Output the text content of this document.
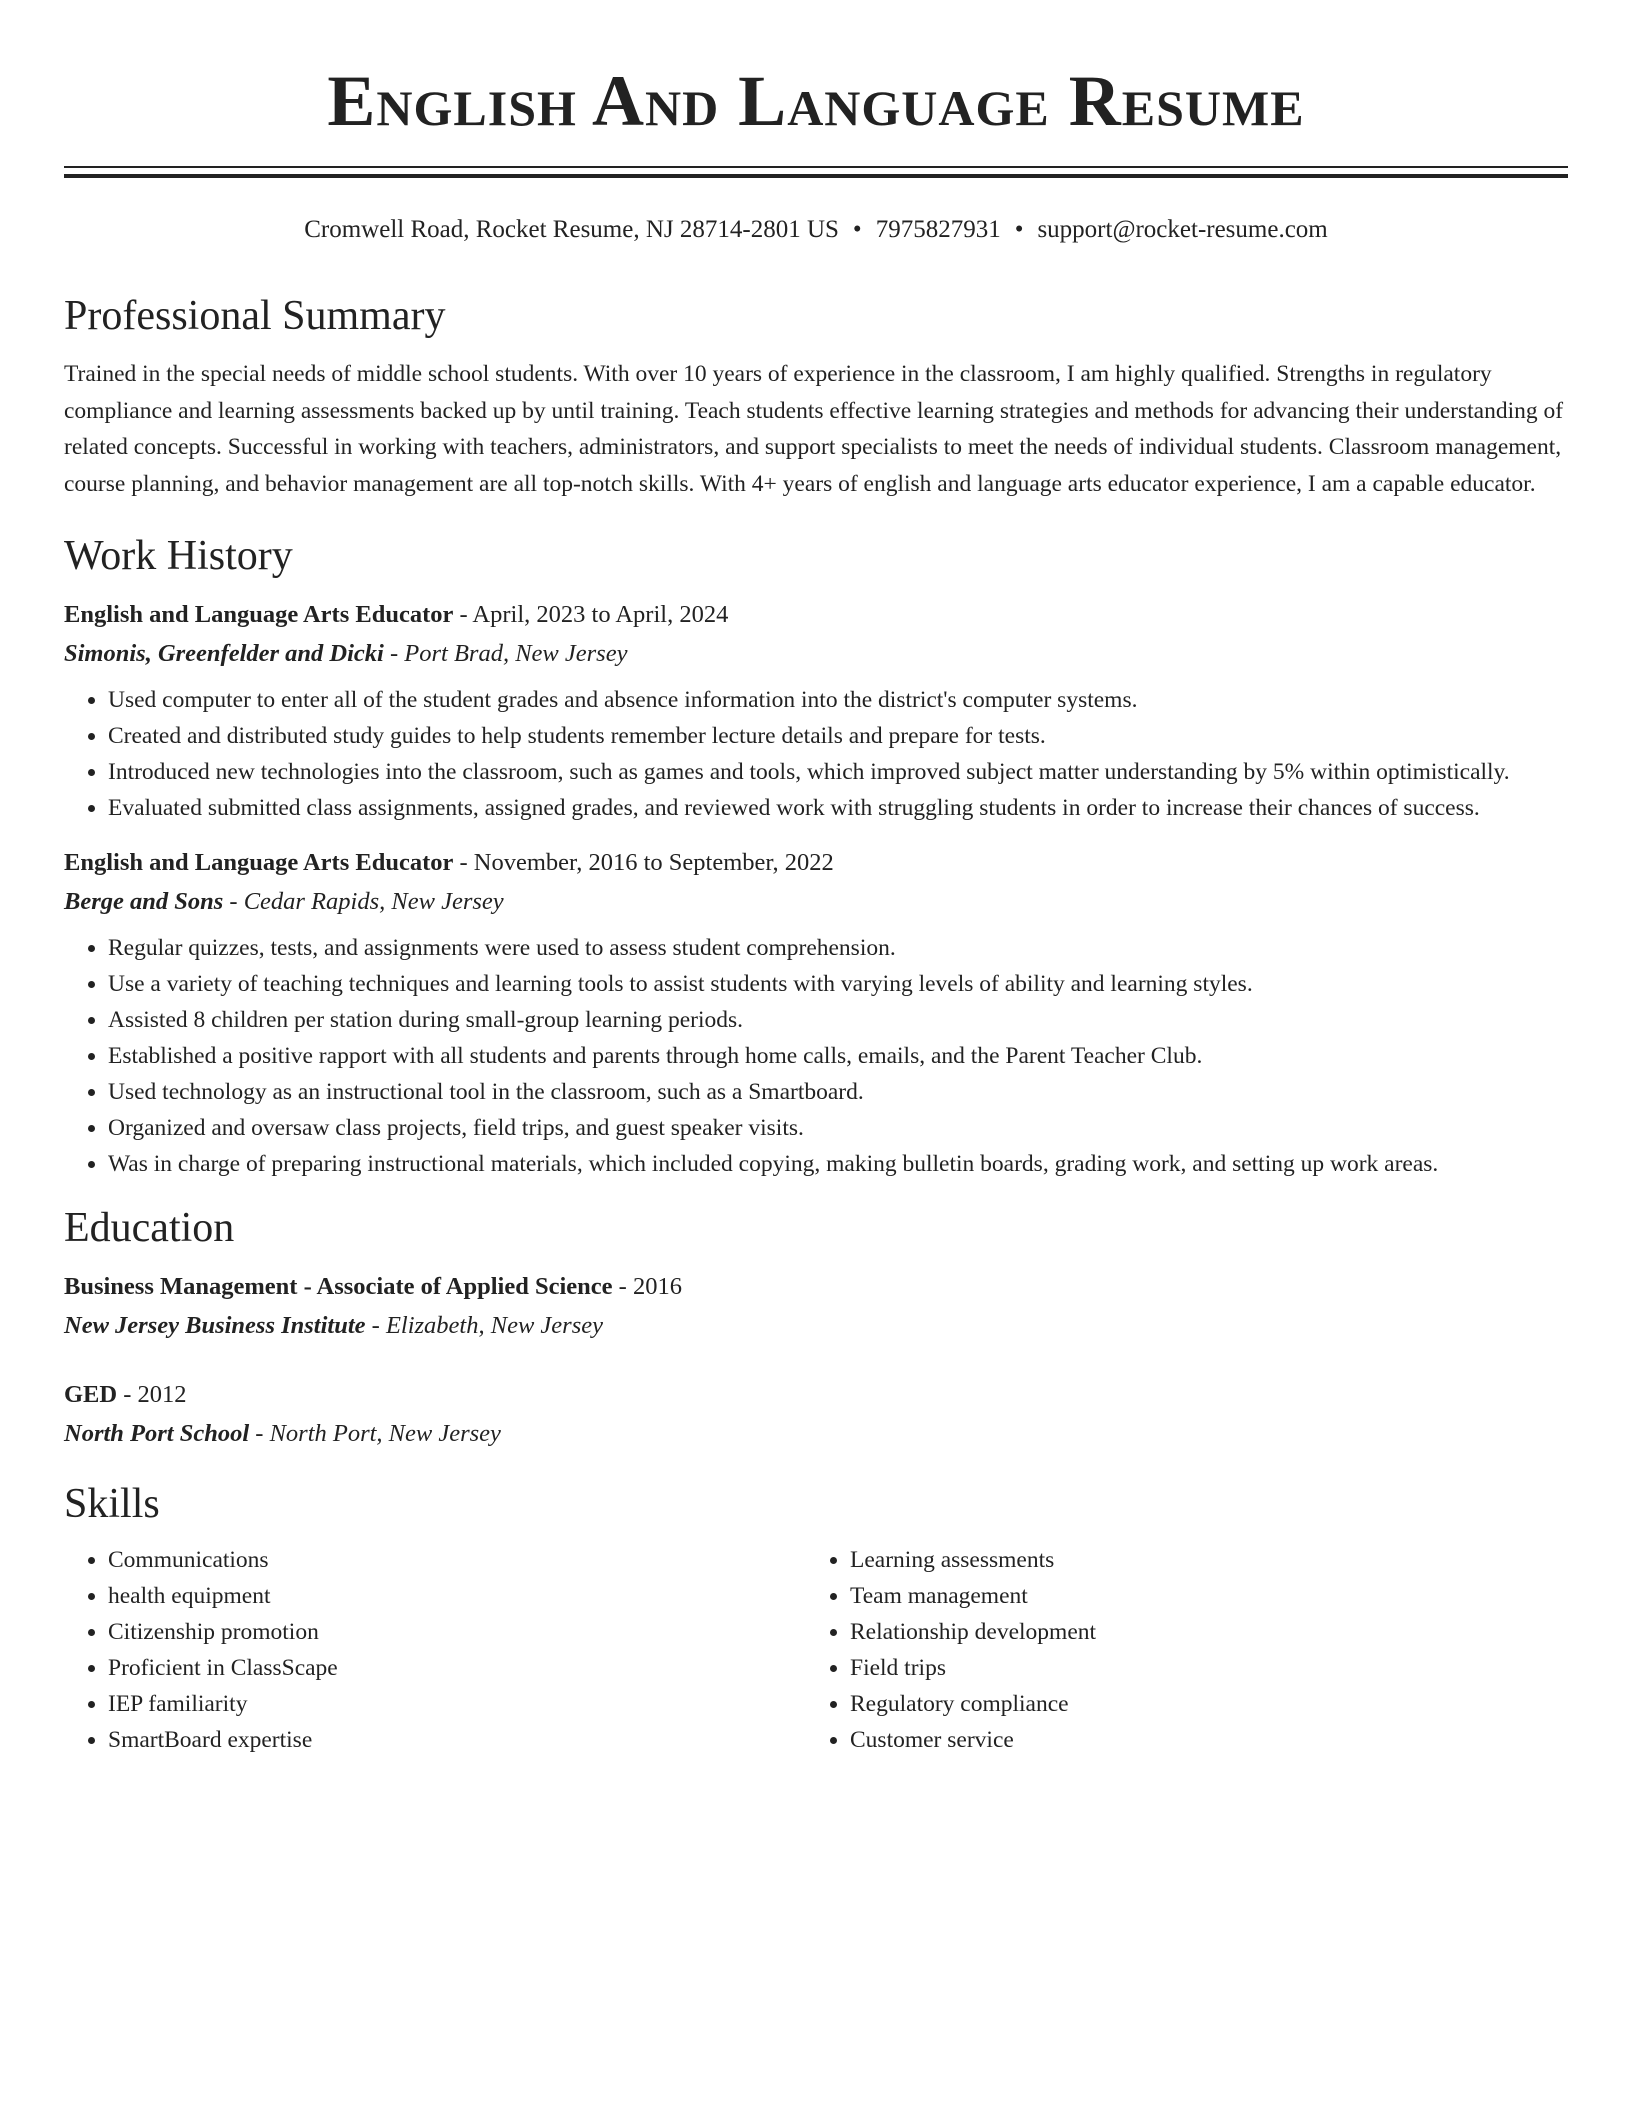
English And Language Resume
Cromwell Road, Rocket Resume, NJ 28714-2801 US • 7975827931 • support@rocket-resume.com
Professional Summary
Trained in the special needs of middle school students. With over 10 years of experience in the classroom, I am highly qualified. Strengths in regulatory compliance and learning assessments backed up by until training. Teach students effective learning strategies and methods for advancing their understanding of related concepts. Successful in working with teachers, administrators, and support specialists to meet the needs of individual students. Classroom management, course planning, and behavior management are all top-notch skills. With 4+ years of english and language arts educator experience, I am a capable educator.
Work History
English and Language Arts Educator - April, 2023 to April, 2024
Simonis, Greenfelder and Dicki - Port Brad, New Jersey
• Used computer to enter all of the student grades and absence information into the district's computer systems.
• Created and distributed study guides to help students remember lecture details and prepare for tests.
• Introduced new technologies into the classroom, such as games and tools, which improved subject matter understanding by 5% within optimistically.
• Evaluated submitted class assignments, assigned grades, and reviewed work with struggling students in order to increase their chances of success.
English and Language Arts Educator - November, 2016 to September, 2022
Berge and Sons - Cedar Rapids, New Jersey
• Regular quizzes, tests, and assignments were used to assess student comprehension.
• Use a variety of teaching techniques and learning tools to assist students with varying levels of ability and learning styles.
• Assisted 8 children per station during small-group learning periods.
• Established a positive rapport with all students and parents through home calls, emails, and the Parent Teacher Club.
• Used technology as an instructional tool in the classroom, such as a Smartboard.
• Organized and oversaw class projects, field trips, and guest speaker visits.
• Was in charge of preparing instructional materials, which included copying, making bulletin boards, grading work, and setting up work areas.
Education
Business Management - Associate of Applied Science - 2016
New Jersey Business Institute - Elizabeth, New Jersey
GED - 2012
North Port School - North Port, New Jersey
Skills
• Communications
• health equipment
• Citizenship promotion
• Proficient in ClassScape
• IEP familiarity
• SmartBoard expertise
• Learning assessments
• Team management
• Relationship development
• Field trips
• Regulatory compliance
• Customer service
